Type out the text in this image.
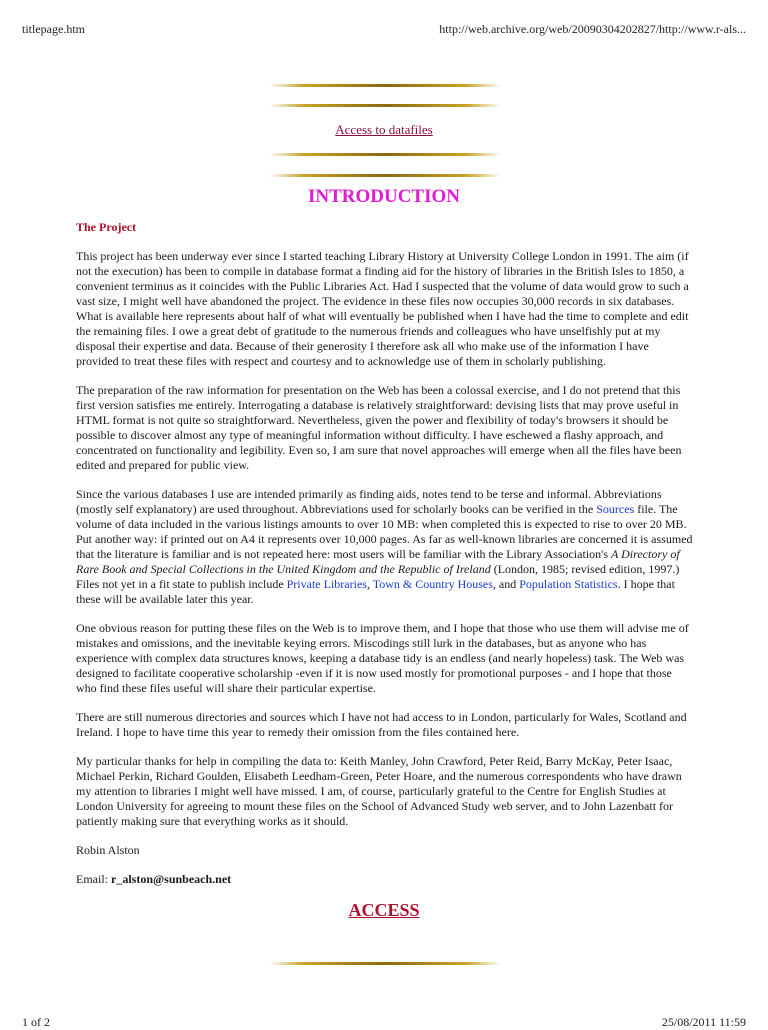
titlepage.htm	http://web.archive.org/web/20090304202827/http://www.r-als...
Access to datafiles
INTRODUCTION
The Project

This project has been underway ever since I started teaching Library History at University College London in 1991. The aim (if not the execution) has been to compile in database format a finding aid for the history of libraries in the British Isles to 1850, a convenient terminus as it coincides with the Public Libraries Act. Had I suspected that the volume of data would grow to such a vast size, I might well have abandoned the project. The evidence in these files now occupies 30,000 records in six databases. What is available here represents about half of what will eventually be published when I have had the time to complete and edit the remaining files. I owe a great debt of gratitude to the numerous friends and colleagues who have unselfishly put at my disposal their expertise and data. Because of their generosity I therefore ask all who make use of the information I have provided to treat these files with respect and courtesy and to acknowledge use of them in scholarly publishing.

The preparation of the raw information for presentation on the Web has been a colossal exercise, and I do not pretend that this first version satisfies me entirely. Interrogating a database is relatively straightforward: devising lists that may prove useful in HTML format is not quite so straightforward. Nevertheless, given the power and flexibility of today's browsers it should be possible to discover almost any type of meaningful information without difficulty. I have eschewed a flashy approach, and concentrated on functionality and legibility. Even so, I am sure that novel approaches will emerge when all the files have been edited and prepared for public view.

Since the various databases I use are intended primarily as finding aids, notes tend to be terse and informal. Abbreviations (mostly self explanatory) are used throughout. Abbreviations used for scholarly books can be verified in the Sources file. The volume of data included in the various listings amounts to over 10 MB: when completed this is expected to rise to over 20 MB. Put another way: if printed out on A4 it represents over 10,000 pages. As far as well-known libraries are concerned it is assumed that the literature is familiar and is not repeated here: most users will be familiar with the Library Association's A Directory of Rare Book and Special Collections in the United Kingdom and the Republic of Ireland (London, 1985; revised edition, 1997.) Files not yet in a fit state to publish include Private Libraries, Town & Country Houses, and Population Statistics. I hope that these will be available later this year.

One obvious reason for putting these files on the Web is to improve them, and I hope that those who use them will advise me of mistakes and omissions, and the inevitable keying errors. Miscodings still lurk in the databases, but as anyone who has experience with complex data structures knows, keeping a database tidy is an endless (and nearly hopeless) task. The Web was designed to facilitate cooperative scholarship -even if it is now used mostly for promotional purposes - and I hope that those who find these files useful will share their particular expertise.

There are still numerous directories and sources which I have not had access to in London, particularly for Wales, Scotland and Ireland. I hope to have time this year to remedy their omission from the files contained here.

My particular thanks for help in compiling the data to: Keith Manley, John Crawford, Peter Reid, Barry McKay, Peter Isaac, Michael Perkin, Richard Goulden, Elisabeth Leedham-Green, Peter Hoare, and the numerous correspondents who have drawn my attention to libraries I might well have missed. I am, of course, particularly grateful to the Centre for English Studies at London University for agreeing to mount these files on the School of Advanced Study web server, and to John Lazenbatt for patiently making sure that everything works as it should.

Robin Alston

Email: r_alston@sunbeach.net

ACCESS
1 of 2	25/08/2011 11:59
